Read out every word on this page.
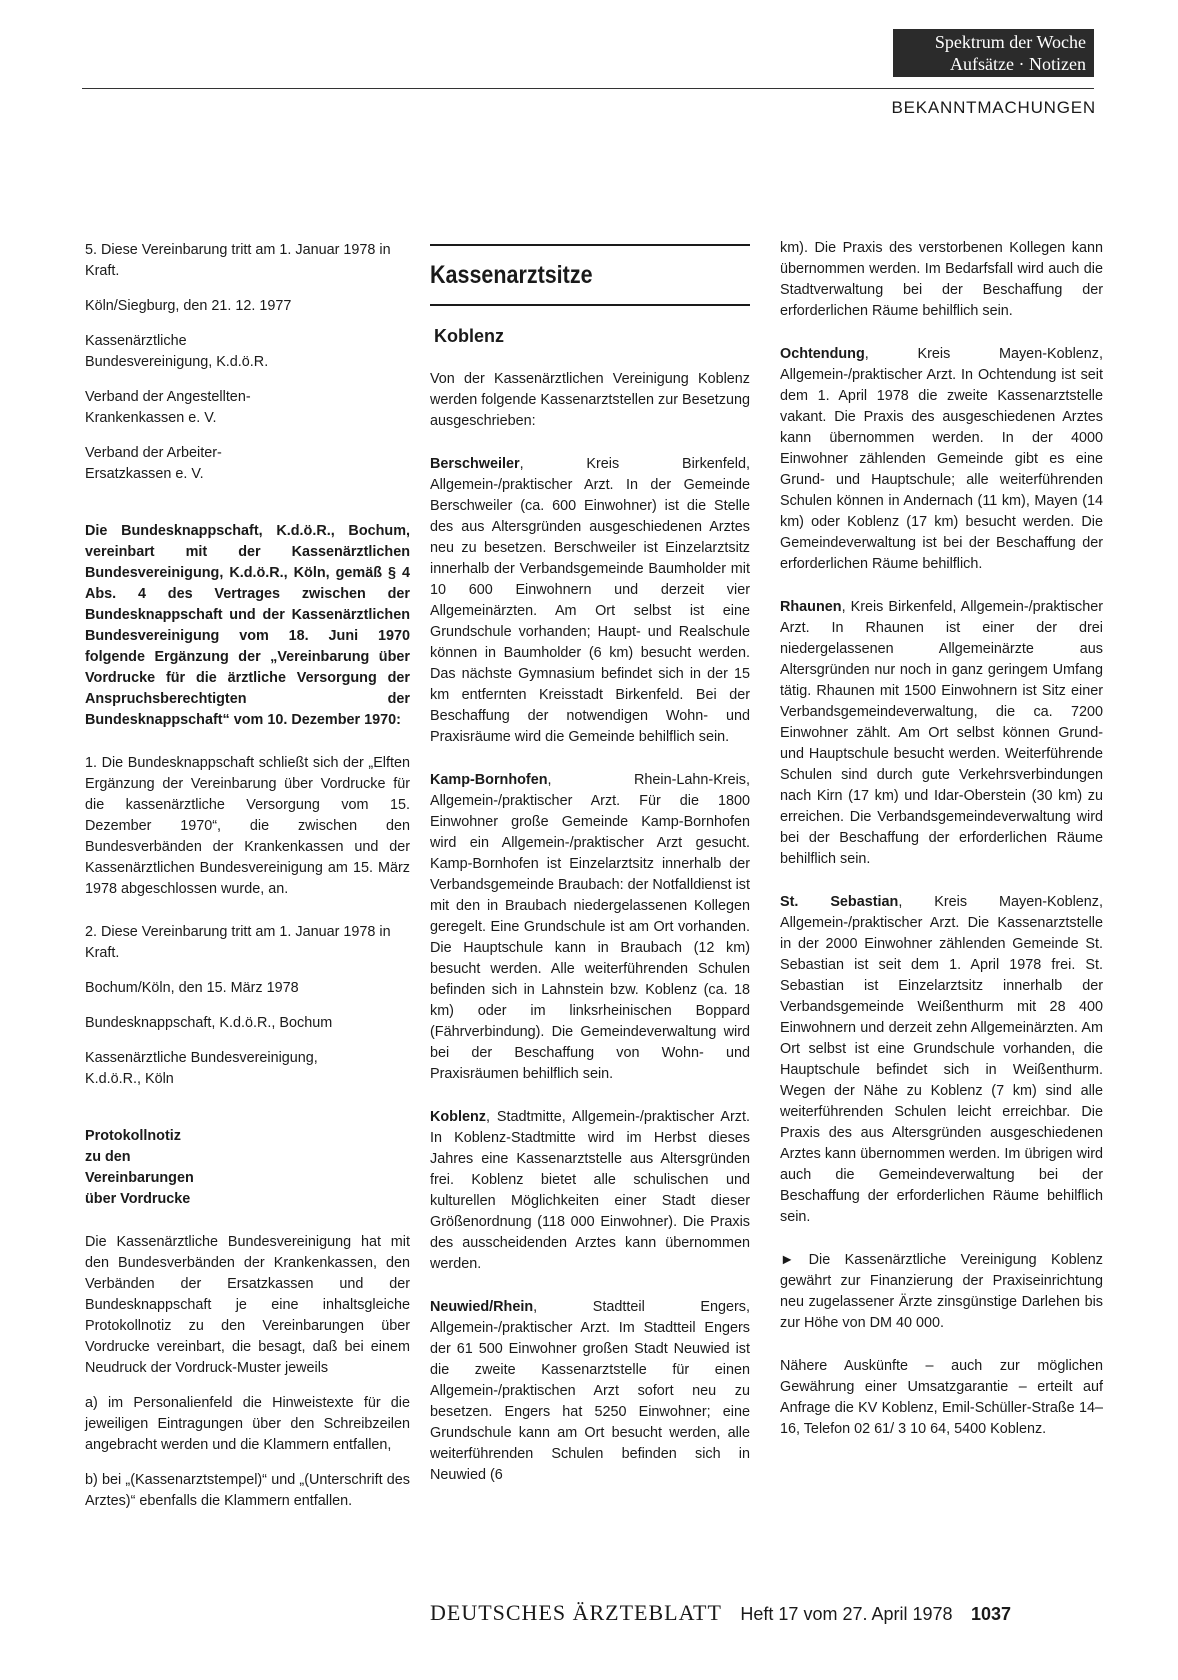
Spektrum der Woche
Aufsätze · Notizen
BEKANNTMACHUNGEN

5. Diese Vereinbarung tritt am 1. Januar 1978 in Kraft.

Köln/Siegburg, den 21. 12. 1977

Kassenärztliche
Bundesvereinigung, K.d.ö.R.

Verband der Angestellten-
Krankenkassen e. V.

Verband der Arbeiter-
Ersatzkassen e. V.

Die Bundesknappschaft, K.d.ö.R., Bochum, vereinbart mit der Kassenärztlichen Bundesvereinigung, K.d.ö.R., Köln, gemäß § 4 Abs. 4 des Vertrages zwischen der Bundesknappschaft und der Kassenärztlichen Bundesvereinigung vom 18. Juni 1970 folgende Ergänzung der „Vereinbarung über Vordrucke für die ärztliche Versorgung der Anspruchsberechtigten der Bundesknappschaft“ vom 10. Dezember 1970:

1. Die Bundesknappschaft schließt sich der „Elften Ergänzung der Vereinbarung über Vordrucke für die kassenärztliche Versorgung vom 15. Dezember 1970“, die zwischen den Bundesverbänden der Krankenkassen und der Kassenärztlichen Bundesvereinigung am 15. März 1978 abgeschlossen wurde, an.

2. Diese Vereinbarung tritt am 1. Januar 1978 in Kraft.

Bochum/Köln, den 15. März 1978

Bundesknappschaft, K.d.ö.R., Bochum

Kassenärztliche Bundesvereinigung,
K.d.ö.R., Köln

Protokollnotiz
zu den
Vereinbarungen
über Vordrucke

Die Kassenärztliche Bundesvereinigung hat mit den Bundesverbänden der Krankenkassen, den Verbänden der Ersatzkassen und der Bundesknappschaft je eine inhaltsgleiche Protokollnotiz zu den Vereinbarungen über Vordrucke vereinbart, die besagt, daß bei einem Neudruck der Vordruck-Muster jeweils

a) im Personalienfeld die Hinweistexte für die jeweiligen Eintragungen über den Schreibzeilen angebracht werden und die Klammern entfallen,

b) bei „(Kassenarztstempel)“ und „(Unterschrift des Arztes)“ ebenfalls die Klammern entfallen.

Kassenarztsitze
Koblenz

Von der Kassenärztlichen Vereinigung Koblenz werden folgende Kassenarztstellen zur Besetzung ausgeschrieben:

Berschweiler, Kreis Birkenfeld, Allgemein-/praktischer Arzt. In der Gemeinde Berschweiler (ca. 600 Einwohner) ist die Stelle des aus Altersgründen ausgeschiedenen Arztes neu zu besetzen. Berschweiler ist Einzelarztsitz innerhalb der Verbandsgemeinde Baumholder mit 10 600 Einwohnern und derzeit vier Allgemeinärzten. Am Ort selbst ist eine Grundschule vorhanden; Haupt- und Realschule können in Baumholder (6 km) besucht werden. Das nächste Gymnasium befindet sich in der 15 km entfernten Kreisstadt Birkenfeld. Bei der Beschaffung der notwendigen Wohn- und Praxisräume wird die Gemeinde behilflich sein.

Kamp-Bornhofen, Rhein-Lahn-Kreis, Allgemein-/praktischer Arzt. Für die 1800 Einwohner große Gemeinde Kamp-Bornhofen wird ein Allgemein-/praktischer Arzt gesucht. Kamp-Bornhofen ist Einzelarztsitz innerhalb der Verbandsgemeinde Braubach: der Notfalldienst ist mit den in Braubach niedergelassenen Kollegen geregelt. Eine Grundschule ist am Ort vorhanden. Die Hauptschule kann in Braubach (12 km) besucht werden. Alle weiterführenden Schulen befinden sich in Lahnstein bzw. Koblenz (ca. 18 km) oder im linksrheinischen Boppard (Fährverbindung). Die Gemeindeverwaltung wird bei der Beschaffung von Wohn- und Praxisräumen behilflich sein.

Koblenz, Stadtmitte, Allgemein-/praktischer Arzt. In Koblenz-Stadtmitte wird im Herbst dieses Jahres eine Kassenarztstelle aus Altersgründen frei. Koblenz bietet alle schulischen und kulturellen Möglichkeiten einer Stadt dieser Größenordnung (118 000 Einwohner). Die Praxis des ausscheidenden Arztes kann übernommen werden.

Neuwied/Rhein, Stadtteil Engers, Allgemein-/praktischer Arzt. Im Stadtteil Engers der 61 500 Einwohner großen Stadt Neuwied ist die zweite Kassenarztstelle für einen Allgemein-/praktischen Arzt sofort neu zu besetzen. Engers hat 5250 Einwohner; eine Grundschule kann am Ort besucht werden, alle weiterführenden Schulen befinden sich in Neuwied (6

km). Die Praxis des verstorbenen Kollegen kann übernommen werden. Im Bedarfsfall wird auch die Stadtverwaltung bei der Beschaffung der erforderlichen Räume behilflich sein.

Ochtendung, Kreis Mayen-Koblenz, Allgemein-/praktischer Arzt. In Ochtendung ist seit dem 1. April 1978 die zweite Kassenarztstelle vakant. Die Praxis des ausgeschiedenen Arztes kann übernommen werden. In der 4000 Einwohner zählenden Gemeinde gibt es eine Grund- und Hauptschule; alle weiterführenden Schulen können in Andernach (11 km), Mayen (14 km) oder Koblenz (17 km) besucht werden. Die Gemeindeverwaltung ist bei der Beschaffung der erforderlichen Räume behilflich.

Rhaunen, Kreis Birkenfeld, Allgemein-/praktischer Arzt. In Rhaunen ist einer der drei niedergelassenen Allgemeinärzte aus Altersgründen nur noch in ganz geringem Umfang tätig. Rhaunen mit 1500 Einwohnern ist Sitz einer Verbandsgemeindeverwaltung, die ca. 7200 Einwohner zählt. Am Ort selbst können Grund- und Hauptschule besucht werden. Weiterführende Schulen sind durch gute Verkehrsverbindungen nach Kirn (17 km) und Idar-Oberstein (30 km) zu erreichen. Die Verbandsgemeindeverwaltung wird bei der Beschaffung der erforderlichen Räume behilflich sein.

St. Sebastian, Kreis Mayen-Koblenz, Allgemein-/praktischer Arzt. Die Kassenarztstelle in der 2000 Einwohner zählenden Gemeinde St. Sebastian ist seit dem 1. April 1978 frei. St. Sebastian ist Einzelarztsitz innerhalb der Verbandsgemeinde Weißenthurm mit 28 400 Einwohnern und derzeit zehn Allgemeinärzten. Am Ort selbst ist eine Grundschule vorhanden, die Hauptschule befindet sich in Weißenthurm. Wegen der Nähe zu Koblenz (7 km) sind alle weiterführenden Schulen leicht erreichbar. Die Praxis des aus Altersgründen ausgeschiedenen Arztes kann übernommen werden. Im übrigen wird auch die Gemeindeverwaltung bei der Beschaffung der erforderlichen Räume behilflich sein.

► Die Kassenärztliche Vereinigung Koblenz gewährt zur Finanzierung der Praxiseinrichtung neu zugelassener Ärzte zinsgünstige Darlehen bis zur Höhe von DM 40 000.

Nähere Auskünfte – auch zur möglichen Gewährung einer Umsatzgarantie – erteilt auf Anfrage die KV Koblenz, Emil-Schüller-Straße 14–16, Telefon 02 61/ 3 10 64, 5400 Koblenz.

DEUTSCHES ÄRZTEBLATT Heft 17 vom 27. April 1978 1037
